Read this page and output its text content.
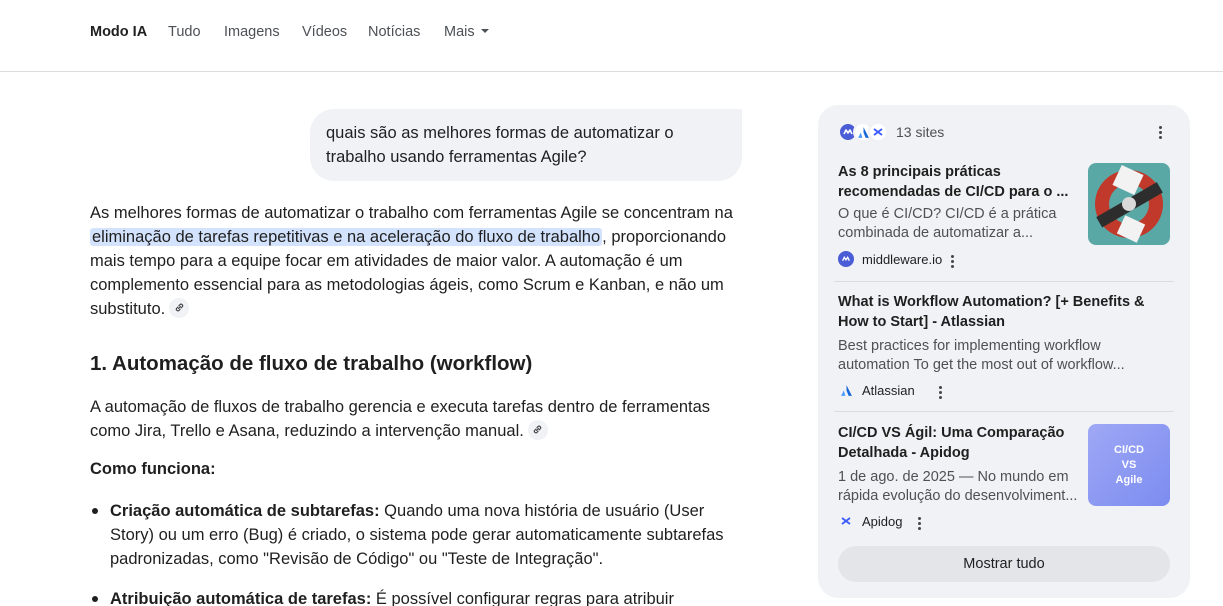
Modo IA Tudo Imagens Vídeos Notícias Mais
quais são as melhores formas de automatizar o trabalho usando ferramentas Agile?
As melhores formas de automatizar o trabalho com ferramentas Agile se concentram na eliminação de tarefas repetitivas e na aceleração do fluxo de trabalho , proporcionando mais tempo para a equipe focar em atividades de maior valor. A automação é um complemento essencial para as metodologias ágeis, como Scrum e Kanban, e não um substituto.
1. Automação de fluxo de trabalho (workflow)
A automação de fluxos de trabalho gerencia e executa tarefas dentro de ferramentas como Jira, Trello e Asana, reduzindo a intervenção manual.
Como funciona:
Criação automática de subtarefas: Quando uma nova história de usuário (User Story) ou um erro (Bug) é criado, o sistema pode gerar automaticamente subtarefas padronizadas, como "Revisão de Código" ou "Teste de Integração".
Atribuição automática de tarefas: É possível configurar regras para atribuir
13 sites
As 8 principais práticas recomendadas de CI/CD para o ...
O que é CI/CD? CI/CD é a prática combinada de automatizar a...
middleware.io
What is Workflow Automation? [+ Benefits & How to Start] - Atlassian
Best practices for implementing workflow automation To get the most out of workflow...
Atlassian
CI/CD VS Ágil: Uma Comparação Detalhada - Apidog
1 de ago. de 2025 — No mundo em rápida evolução do desenvolviment...
Apidog
CI/CD
VS
Agile
Mostrar tudo
